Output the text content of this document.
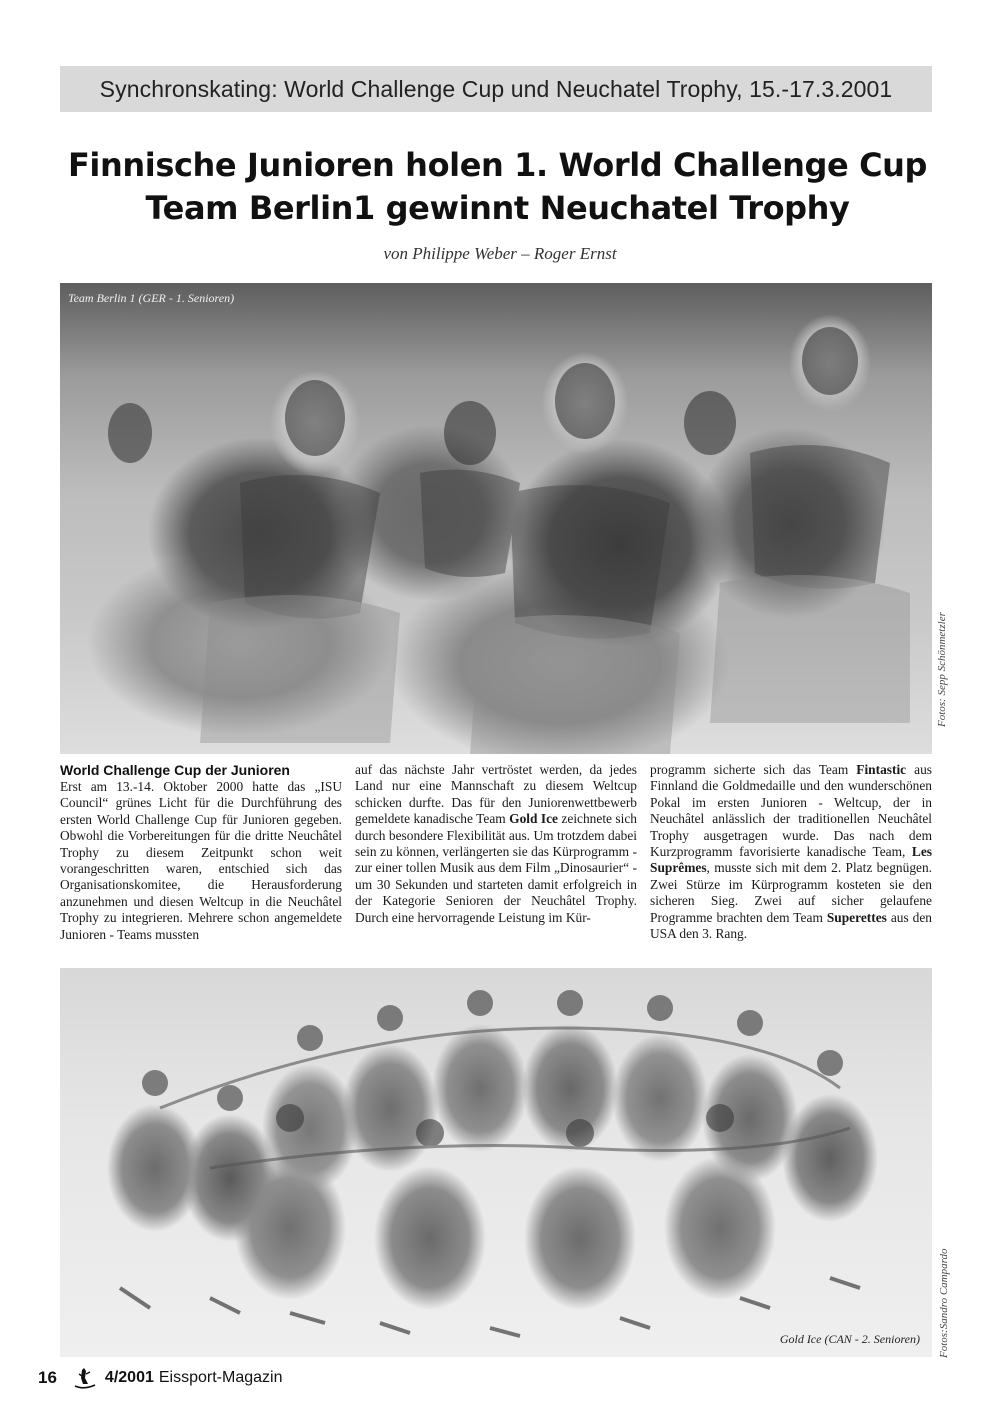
Synchronskating: World Challenge Cup und Neuchatel Trophy, 15.-17.3.2001
Finnische Junioren holen 1. World Challenge Cup
Team Berlin1 gewinnt Neuchatel Trophy
von Philippe Weber – Roger Ernst
Team Berlin 1 (GER - 1. Senioren)
Fotos: Sepp Schönmetzler
World Challenge Cup der Junioren
Erst am 13.-14. Oktober 2000 hatte das „ISU Council“ grünes Licht für die Durchführung des ersten World Challenge Cup für Junioren gegeben. Obwohl die Vorbereitungen für die dritte Neuchâtel Trophy zu diesem Zeitpunkt schon weit vorangeschritten waren, entschied sich das Organisationskomitee, die Herausforderung anzunehmen und diesen Weltcup in die Neuchâtel Trophy zu integrieren. Mehrere schon angemeldete Junioren - Teams mussten
auf das nächste Jahr vertröstet werden, da jedes Land nur eine Mannschaft zu diesem Weltcup schicken durfte. Das für den Juniorenwettbewerb gemeldete kanadische Team Gold Ice zeichnete sich durch besondere Flexibilität aus. Um trotzdem dabei sein zu können, verlängerten sie das Kürprogramm - zur einer tollen Musik aus dem Film „Dinosaurier“ - um 30 Sekunden und starteten damit erfolgreich in der Kategorie Senioren der Neuchâtel Trophy. Durch eine hervorragende Leistung im Kür-
programm sicherte sich das Team Fintastic aus Finnland die Goldmedaille und den wunderschönen Pokal im ersten Junioren - Weltcup, der in Neuchâtel anlässlich der traditionellen Neuchâtel Trophy ausgetragen wurde. Das nach dem Kurzprogramm favorisierte kanadische Team, Les Suprêmes, musste sich mit dem 2. Platz begnügen. Zwei Stürze im Kürprogramm kosteten sie den sicheren Sieg. Zwei auf sicher gelaufene Programme brachten dem Team Superettes aus den USA den 3. Rang.
Gold Ice (CAN - 2. Senioren) Fotos:Sandro Campardo
16	4/2001 Eissport-Magazin
